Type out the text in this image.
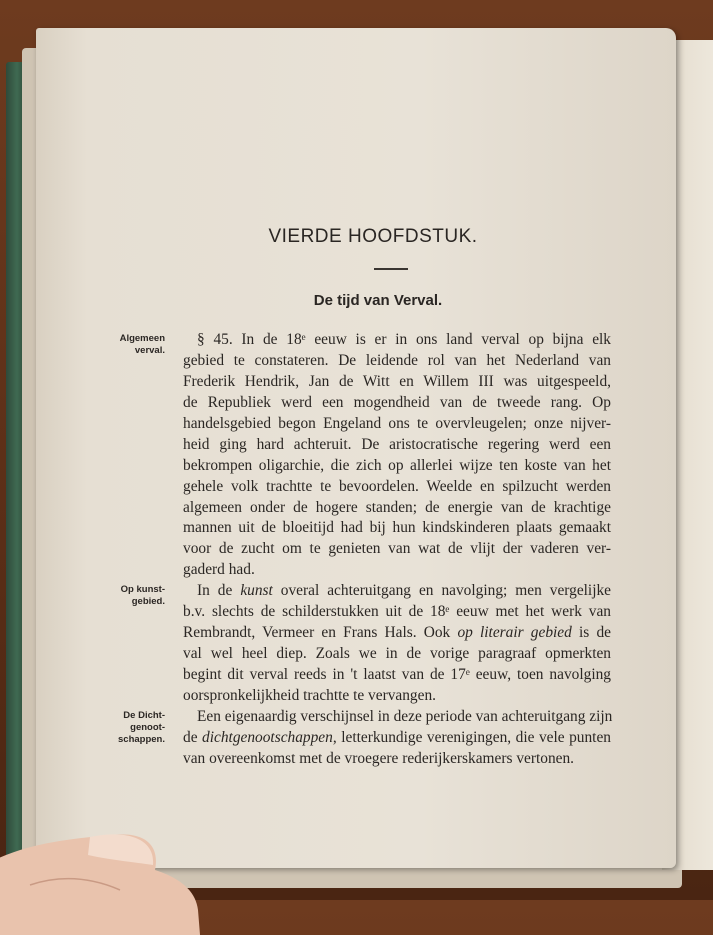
VIERDE HOOFDSTUK.
De tijd van Verval.
§ 45. In de 18ᵉ eeuw is er in ons land verval op bijna elk
gebied te constateren. De leidende rol van het Nederland van
Frederik Hendrik, Jan de Witt en Willem III was uitgespeeld,
de Republiek werd een mogendheid van de tweede rang. Op
handelsgebied begon Engeland ons te overvleugelen; onze nijver-
heid ging hard achteruit. De aristocratische regering werd een
bekrompen oligarchie, die zich op allerlei wijze ten koste van het
gehele volk trachtte te bevoordelen. Weelde en spilzucht werden
algemeen onder de hogere standen; de energie van de krachtige
mannen uit de bloeitijd had bij hun kindskinderen plaats gemaakt
voor de zucht om te genieten van wat de vlijt der vaderen ver-
gaderd had.
In de kunst overal achteruitgang en navolging; men vergelijke
b.v. slechts de schilderstukken uit de 18ᵉ eeuw met het werk van
Rembrandt, Vermeer en Frans Hals. Ook op literair gebied is de
val wel heel diep. Zoals we in de vorige paragraaf opmerkten
begint dit verval reeds in 't laatst van de 17ᵉ eeuw, toen navolging
oorspronkelijkheid trachtte te vervangen.
Een eigenaardig verschijnsel in deze periode van achteruitgang zijn
de dichtgenootschappen, letterkundige verenigingen, die vele punten
van overeenkomst met de vroegere rederijkerskamers vertonen.
Algemeen
verval.
Op kunst-
gebied.
De Dicht-
genoot-
schappen.
